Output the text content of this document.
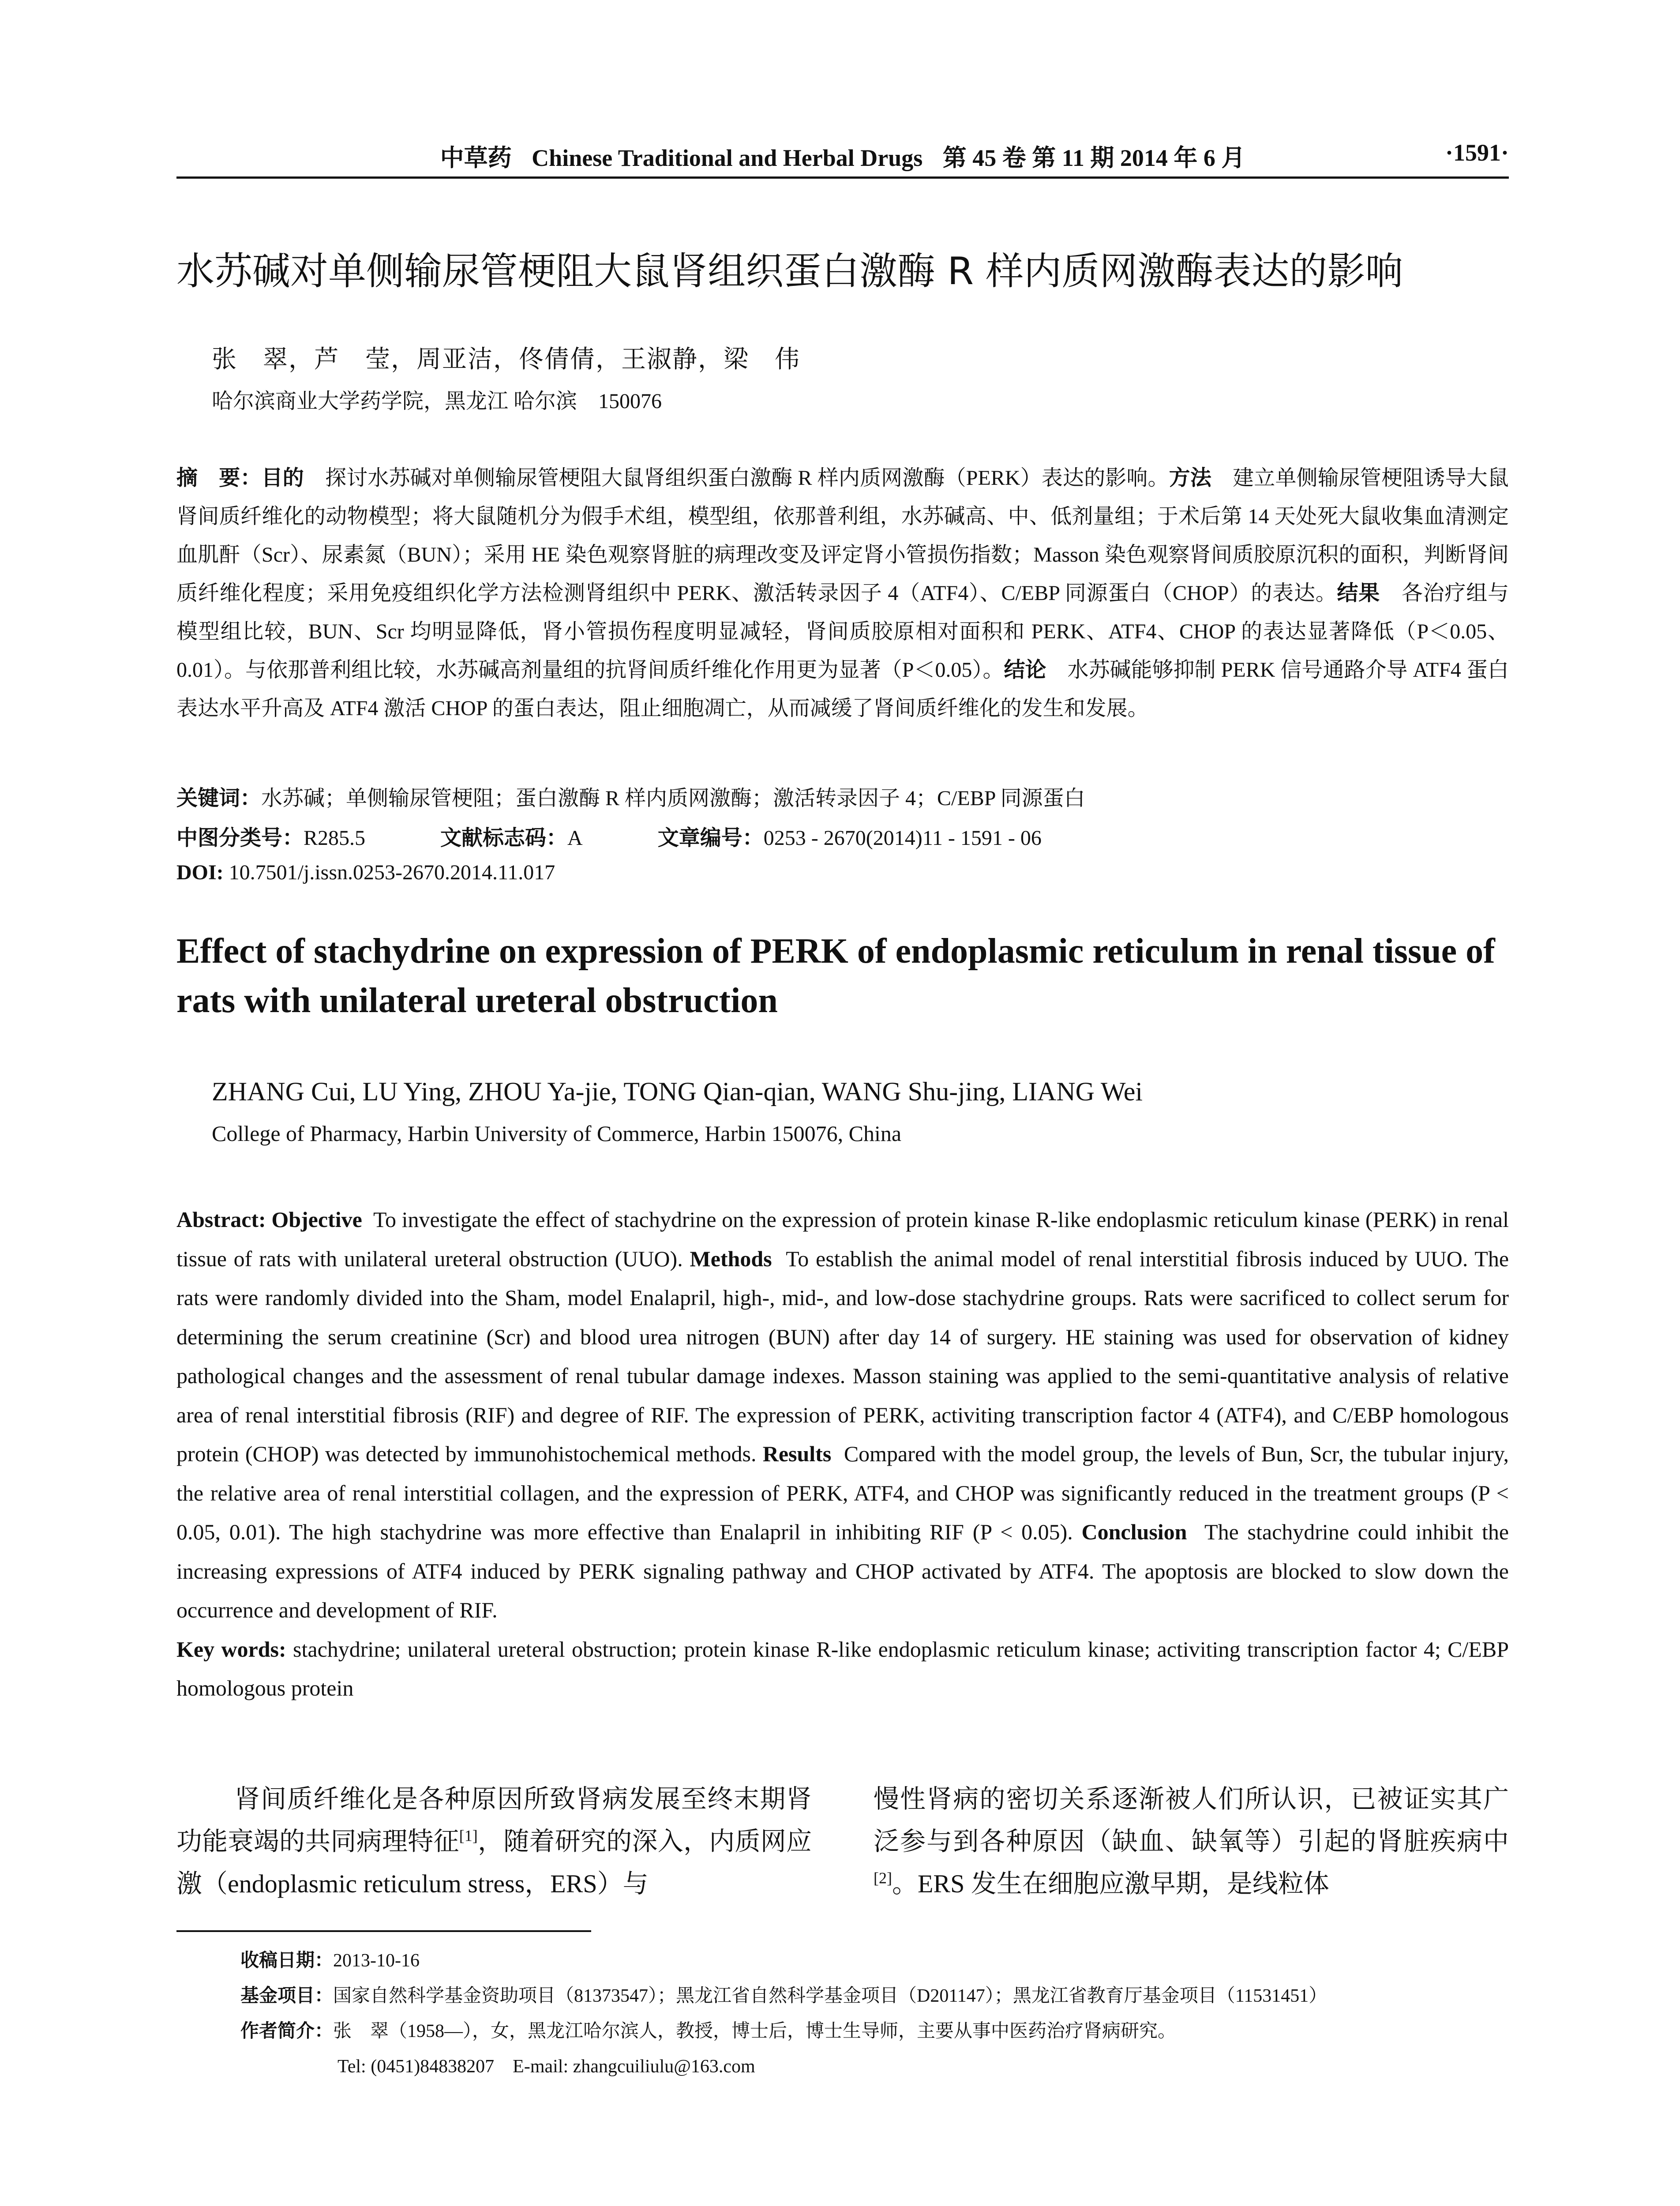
中草药 Chinese Traditional and Herbal Drugs 第 45 卷 第 11 期 2014 年 6 月	·1591·
水苏碱对单侧输尿管梗阻大鼠肾组织蛋白激酶 R 样内质网激酶表达的影响
张　翠，芦　莹，周亚洁，佟倩倩，王淑静，梁　伟
哈尔滨商业大学药学院，黑龙江 哈尔滨　150076
摘　要：目的　 探讨水苏碱对单侧输尿管梗阻大鼠肾组织蛋白激酶 R 样内质网激酶（PERK）表达的影响。方法　 建立单侧输尿管梗阻诱导大鼠肾间质纤维化的动物模型；将大鼠随机分为假手术组，模型组，依那普利组，水苏碱高、中、低剂量组；于术后第 14 天处死大鼠收集血清测定血肌酐（Scr）、尿素氮（BUN）；采用 HE 染色观察肾脏的病理改变及评定肾小管损伤指数；Masson 染色观察肾间质胶原沉积的面积，判断肾间质纤维化程度；采用免疫组织化学方法检测肾组织中 PERK、激活转录因子 4（ATF4）、C/EBP 同源蛋白（CHOP）的表达。结果　 各治疗组与模型组比较，BUN、Scr 均明显降低，肾小管损伤程度明显减轻，肾间质胶原相对面积和 PERK、ATF4、CHOP 的表达显著降低（P＜0.05、0.01）。与依那普利组比较，水苏碱高剂量组的抗肾间质纤维化作用更为显著（P＜0.05）。结论　 水苏碱能够抑制 PERK 信号通路介导 ATF4 蛋白表达水平升高及 ATF4 激活 CHOP 的蛋白表达，阻止细胞凋亡，从而减缓了肾间质纤维化的发生和发展。
关键词：水苏碱；单侧输尿管梗阻；蛋白激酶 R 样内质网激酶；激活转录因子 4；C/EBP 同源蛋白
中图分类号：R285.5	文献标志码：A	文章编号：0253 - 2670(2014)11 - 1591 - 06
DOI: 10.7501/j.issn.0253-2670.2014.11.017
Effect of stachydrine on expression of PERK of endoplasmic reticulum in renal tissue of rats with unilateral ureteral obstruction
ZHANG Cui, LU Ying, ZHOU Ya-jie, TONG Qian-qian, WANG Shu-jing, LIANG Wei
College of Pharmacy, Harbin University of Commerce, Harbin 150076, China
Abstract: Objective To investigate the effect of stachydrine on the expression of protein kinase R-like endoplasmic reticulum kinase (PERK) in renal tissue of rats with unilateral ureteral obstruction (UUO). Methods To establish the animal model of renal interstitial fibrosis induced by UUO. The rats were randomly divided into the Sham, model Enalapril, high-, mid-, and low-dose stachydrine groups. Rats were sacrificed to collect serum for determining the serum creatinine (Scr) and blood urea nitrogen (BUN) after day 14 of surgery. HE staining was used for observation of kidney pathological changes and the assessment of renal tubular damage indexes. Masson staining was applied to the semi-quantitative analysis of relative area of renal interstitial fibrosis (RIF) and degree of RIF. The expression of PERK, activiting transcription factor 4 (ATF4), and C/EBP homologous protein (CHOP) was detected by immunohistochemical methods. Results Compared with the model group, the levels of Bun, Scr, the tubular injury, the relative area of renal interstitial collagen, and the expression of PERK, ATF4, and CHOP was significantly reduced in the treatment groups (P < 0.05, 0.01). The high stachydrine was more effective than Enalapril in inhibiting RIF (P < 0.05). Conclusion The stachydrine could inhibit the increasing expressions of ATF4 induced by PERK signaling pathway and CHOP activated by ATF4. The apoptosis are blocked to slow down the occurrence and development of RIF.
Key words: stachydrine; unilateral ureteral obstruction; protein kinase R-like endoplasmic reticulum kinase; activiting transcription factor 4; C/EBP homologous protein
肾间质纤维化是各种原因所致肾病发展至终末期肾功能衰竭的共同病理特征[1]，随着研究的深入，内质网应激（endoplasmic reticulum stress，ERS）与
慢性肾病的密切关系逐渐被人们所认识，已被证实其广泛参与到各种原因（缺血、缺氧等）引起的肾脏疾病中[2]。ERS 发生在细胞应激早期，是线粒体
收稿日期：2013-10-16
基金项目：国家自然科学基金资助项目（81373547）；黑龙江省自然科学基金项目（D201147）；黑龙江省教育厅基金项目（11531451）
作者简介：张　翠（1958—），女，黑龙江哈尔滨人，教授，博士后，博士生导师，主要从事中医药治疗肾病研究。
Tel: (0451)84838207　E-mail: zhangcuiliulu@163.com
